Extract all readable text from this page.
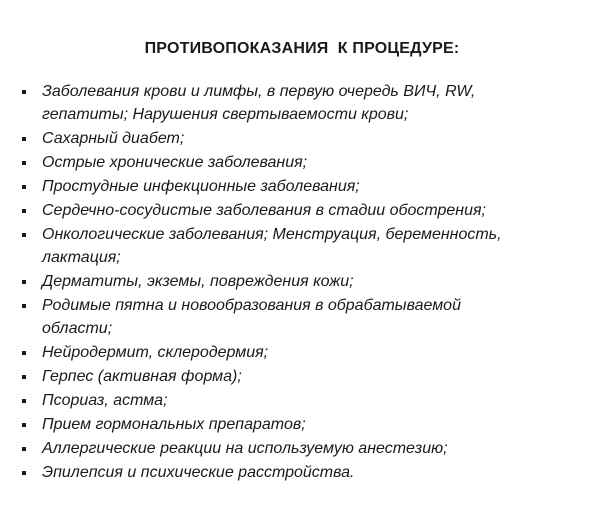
ПРОТИВОПОКАЗАНИЯ  К ПРОЦЕДУРЕ:
Заболевания крови и лимфы, в первую очередь ВИЧ, RW,
гепатиты; Нарушения свертываемости крови;
Сахарный диабет;
Острые хронические заболевания;
Простудные инфекционные заболевания;
Сердечно-сосудистые заболевания в стадии обострения;
Онкологические заболевания; Менструация, беременность,
лактация;
Дерматиты, экземы, повреждения кожи;
Родимые пятна и новообразования в обрабатываемой
области;
Нейродермит, склеродермия;
Герпес (активная форма);
Псориаз, астма;
Прием гормональных препаратов;
Аллергические реакции на используемую анестезию;
Эпилепсия и психические расстройства.
